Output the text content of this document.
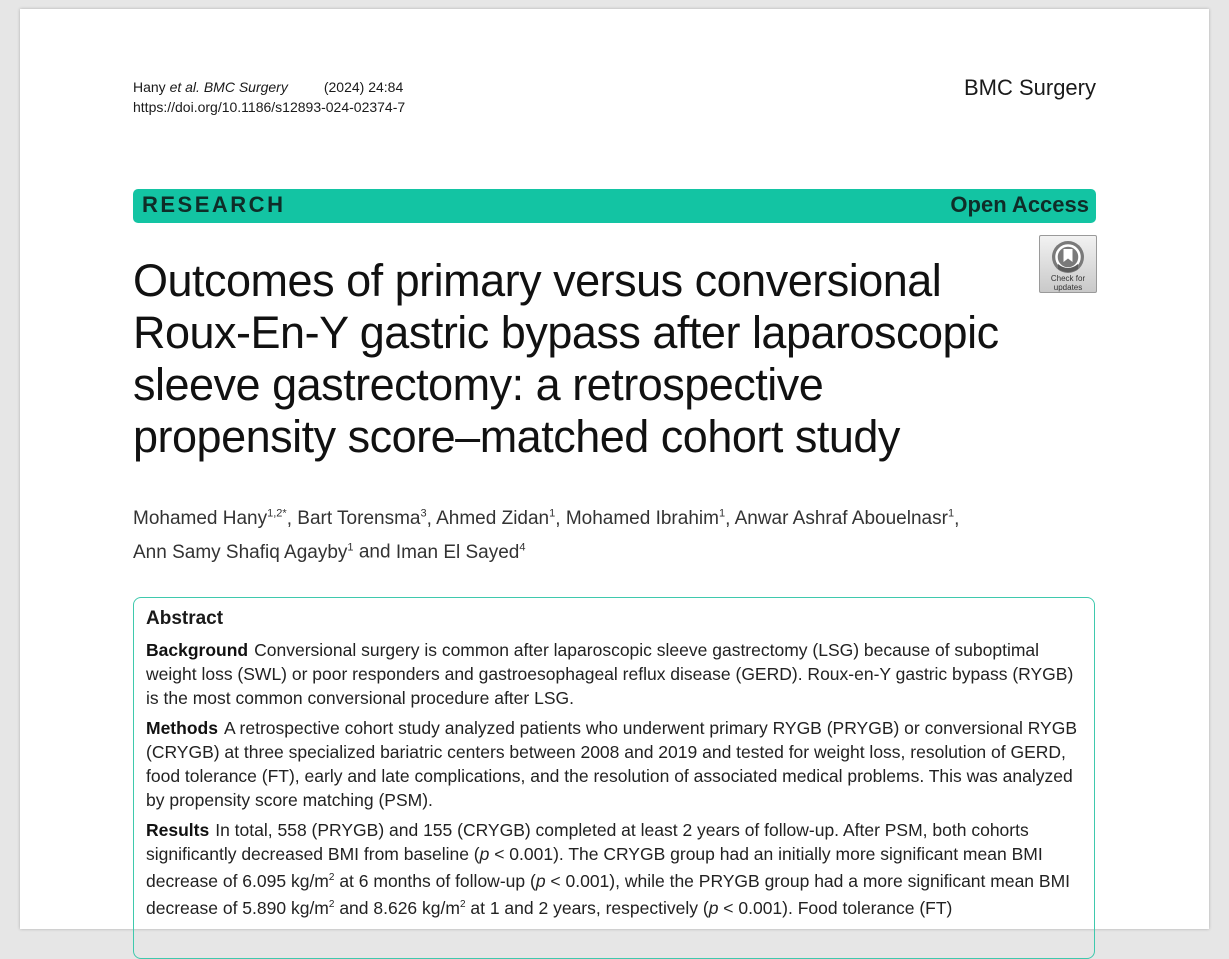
Hany et al. BMC Surgery	(2024) 24:84
https://doi.org/10.1186/s12893-024-02374-7
BMC Surgery
RESEARCH	Open Access
Check for
updates
Outcomes of primary versus conversional Roux-En-Y gastric bypass after laparoscopic sleeve gastrectomy: a retrospective propensity score–matched cohort study
Mohamed Hany$^{1,2*}$, Bart Torensma$^3$, Ahmed Zidan$^1$, Mohamed Ibrahim$^1$, Anwar Ashraf Abouelnasr$^1$,
Ann Samy Shafiq Agayby$^1$ and Iman El Sayed$^4$
Abstract
Background Conversional surgery is common after laparoscopic sleeve gastrectomy (LSG) because of suboptimal weight loss (SWL) or poor responders and gastroesophageal reflux disease (GERD). Roux-en-Y gastric bypass (RYGB) is the most common conversional procedure after LSG.
Methods A retrospective cohort study analyzed patients who underwent primary RYGB (PRYGB) or conversional RYGB (CRYGB) at three specialized bariatric centers between 2008 and 2019 and tested for weight loss, resolution of GERD, food tolerance (FT), early and late complications, and the resolution of associated medical problems. This was analyzed by propensity score matching (PSM).
Results In total, 558 (PRYGB) and 155 (CRYGB) completed at least 2 years of follow-up. After PSM, both cohorts significantly decreased BMI from baseline (p < 0.001). The CRYGB group had an initially more significant mean BMI decrease of 6.095 $kg/m^2$ at 6 months of follow-up (p < 0.001), while the PRYGB group had a more significant mean BMI decrease of 5.890 $kg/m^2$ and 8.626 $kg/m^2$ at 1 and 2 years, respectively (p < 0.001). Food tolerance (FT)
